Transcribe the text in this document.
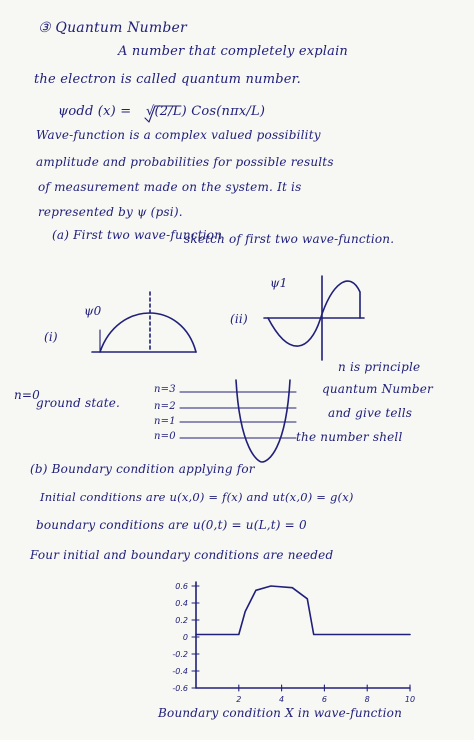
③ Quantum Number
A number that completely explain
the electron is called quantum number.
ψodd (x) = √(2/L) Cos(nπx/L)
Wave-function is a complex valued possibility
amplitude and probabilities for possible results
of measurement made on the system. It is
represented by ψ (psi).
(a) First two wave-function
sketch of first two wave-function.
(i)
ψ0
(ii)
ψ1
n=0
ground state.
n=3
n=2
n=1
n=0
n is principle
quantum Number
and give tells
the number shell
(b) Boundary condition applying for
Initial conditions are u(x,0) = f(x) and ut(x,0) = g(x)
boundary conditions are u(0,t) = u(L,t) = 0
Four initial and boundary conditions are needed
Boundary condition X in wave-function
0.6
0.4
0.2
0
-0.2
-0.4
-0.6
2	4	6	8	10
